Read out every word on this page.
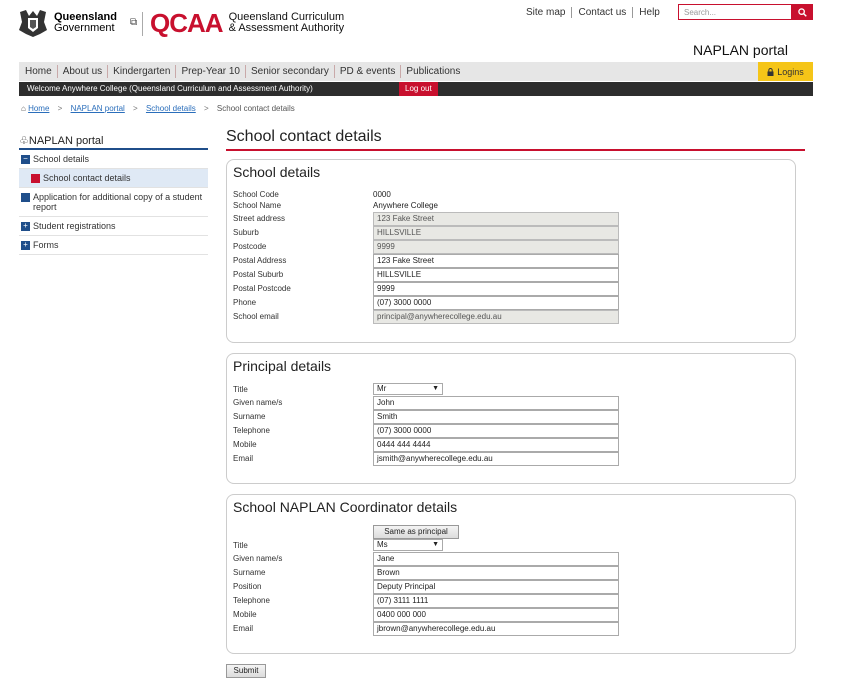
Queensland
Government ⧉ QCAA Queensland Curriculum
& Assessment Authority
Site map	Contact us	Help	Search...
NAPLAN portal
Home	About us	Kindergarten	Prep-Year 10	Senior secondary	PD & events	Publications	Logins
Welcome Anywhere College (Queensland Curriculum and Assessment Authority)	Log out
⌂ Home > NAPLAN portal > School details > School contact details
♧NAPLAN portal
− School details
School contact details
Application for additional copy of a student report
+ Student registrations
+ Forms
School contact details
School details
School Code	0000
School Name	Anywhere College
Street address	123 Fake Street
Suburb	HILLSVILLE
Postcode	9999
Postal Address	123 Fake Street
Postal Suburb	HILLSVILLE
Postal Postcode	9999
Phone	(07) 3000 0000
School email	principal@anywherecollege.edu.au
Principal details
Title	Mr	▼
Given name/s	John
Surname	Smith
Telephone	(07) 3000 0000
Mobile	0444 444 4444
Email	jsmith@anywherecollege.edu.au
School NAPLAN Coordinator details
Same as principal
Title	Ms	▼
Given name/s	Jane
Surname	Brown
Position	Deputy Principal
Telephone	(07) 3111 1111
Mobile	0400 000 000
Email	jbrown@anywherecollege.edu.au
Submit
